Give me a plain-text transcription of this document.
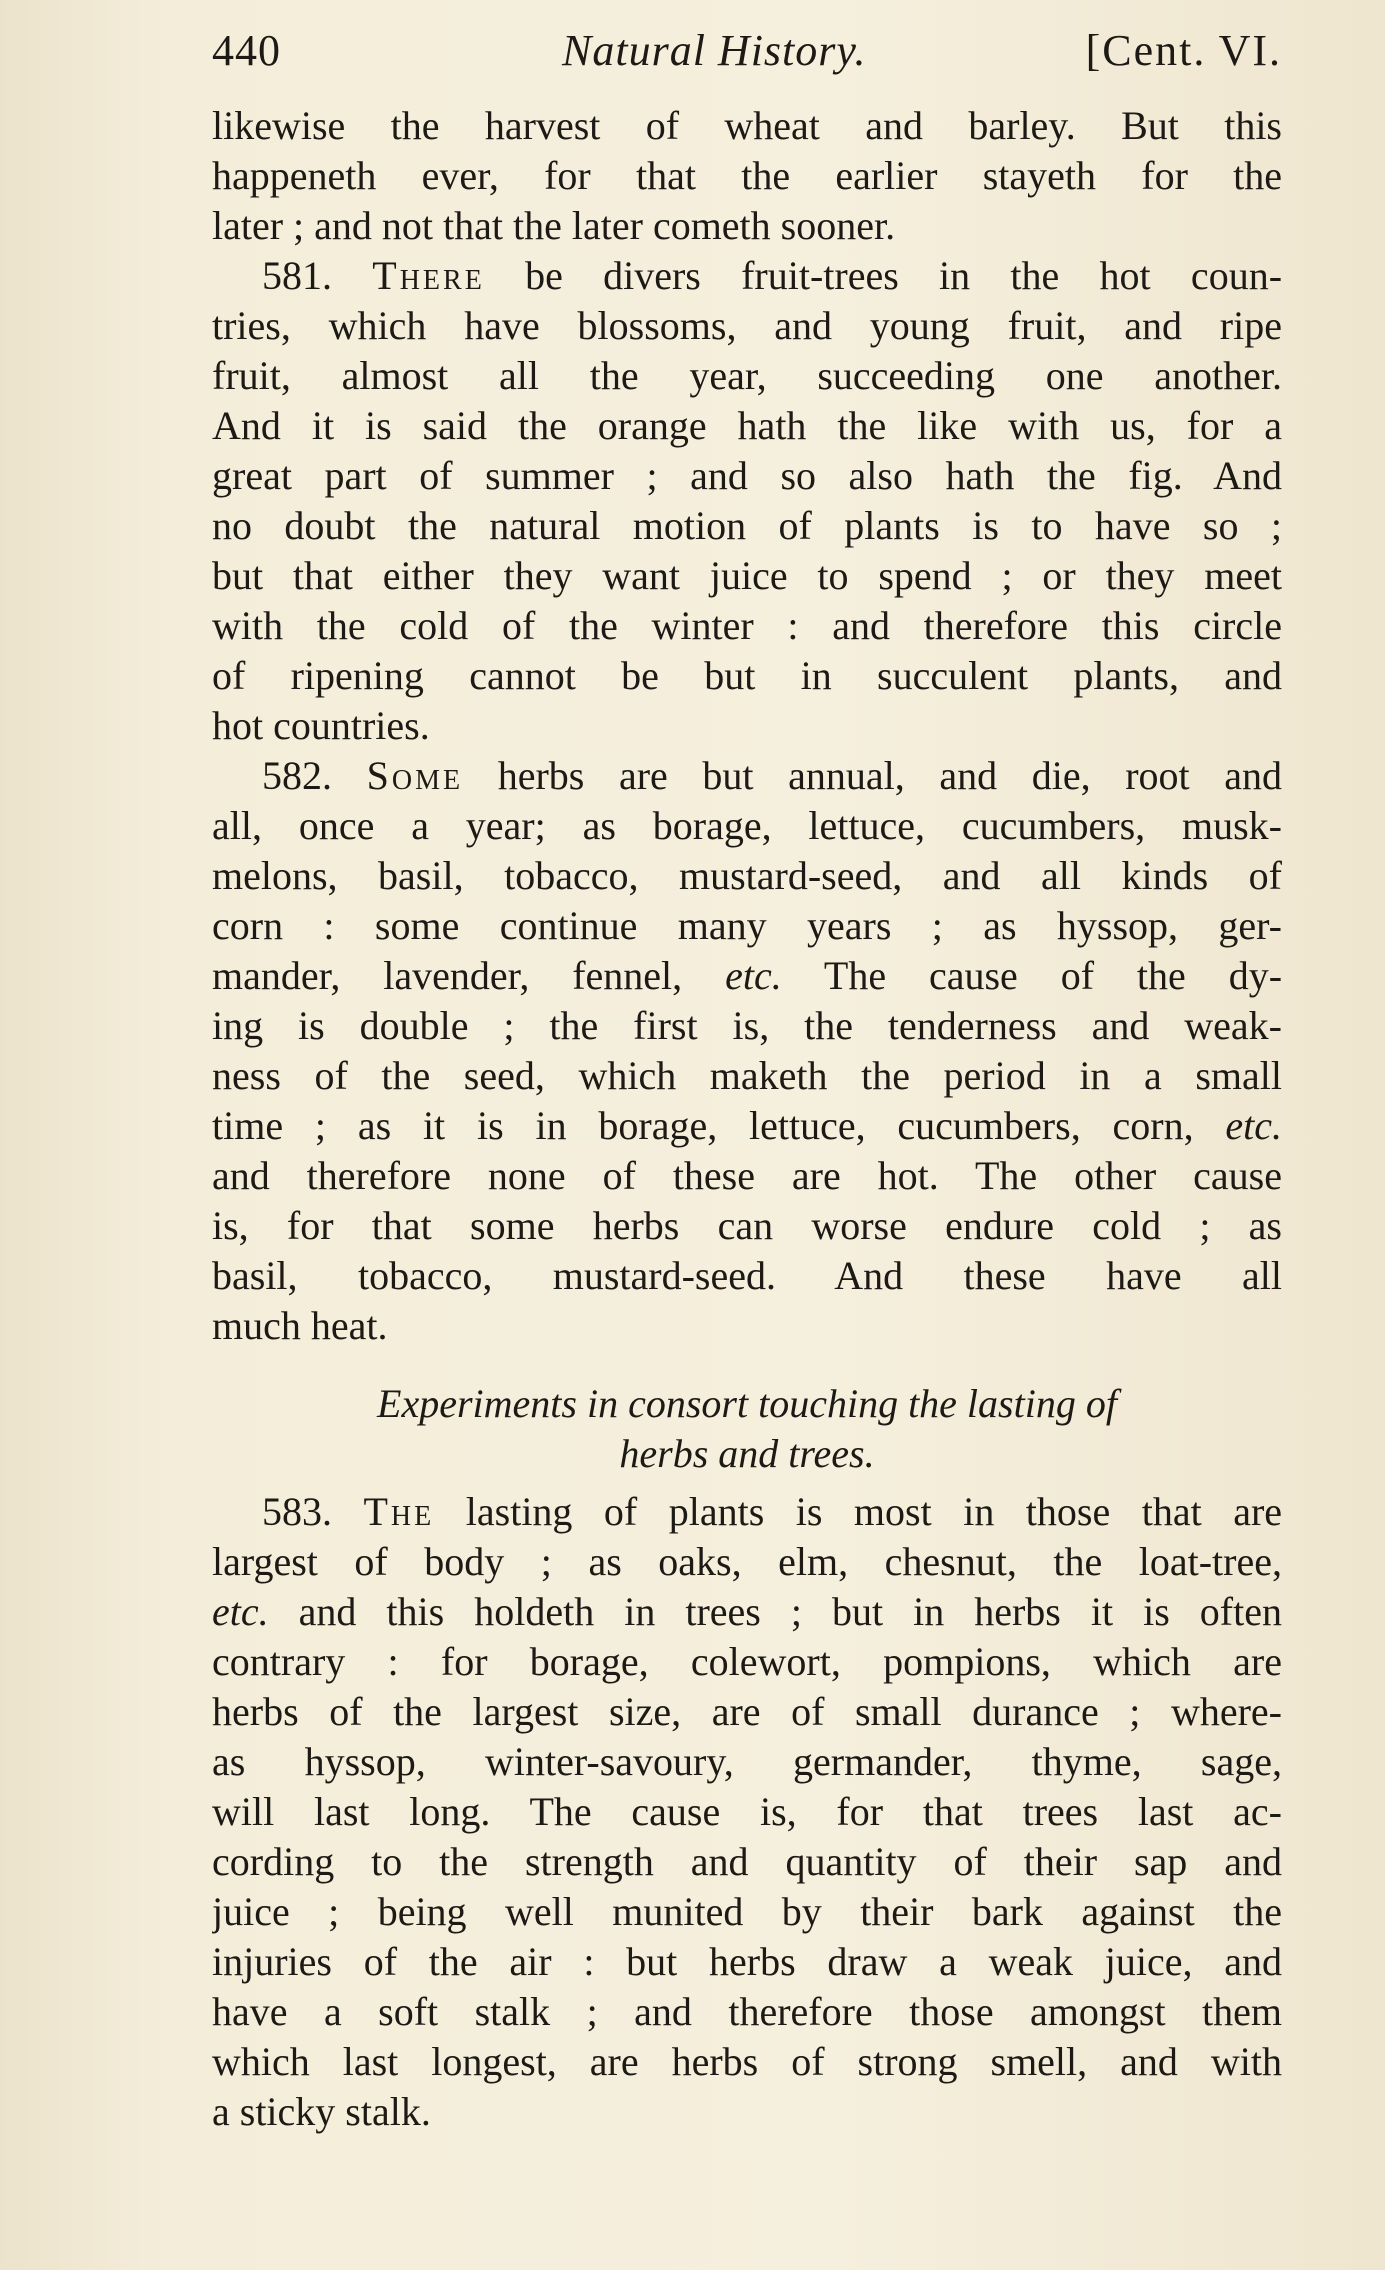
440	Natural History.	[Cent. VI.
likewise the harvest of wheat and barley. But this
happeneth ever, for that the earlier stayeth for the
later ; and not that the later cometh sooner.
581. There be divers fruit-trees in the hot coun-
tries, which have blossoms, and young fruit, and ripe
fruit, almost all the year, succeeding one another.
And it is said the orange hath the like with us, for a
great part of summer ; and so also hath the fig. And
no doubt the natural motion of plants is to have so ;
but that either they want juice to spend ; or they meet
with the cold of the winter : and therefore this circle
of ripening cannot be but in succulent plants, and
hot countries.
582. Some herbs are but annual, and die, root and
all, once a year; as borage, lettuce, cucumbers, musk-
melons, basil, tobacco, mustard-seed, and all kinds of
corn : some continue many years ; as hyssop, ger-
mander, lavender, fennel, etc. The cause of the dy-
ing is double ; the first is, the tenderness and weak-
ness of the seed, which maketh the period in a small
time ; as it is in borage, lettuce, cucumbers, corn, etc.
and therefore none of these are hot. The other cause
is, for that some herbs can worse endure cold ; as
basil, tobacco, mustard-seed. And these have all
much heat.
Experiments in consort touching the lasting of
herbs and trees.
583. The lasting of plants is most in those that are
largest of body ; as oaks, elm, chesnut, the loat-tree,
etc. and this holdeth in trees ; but in herbs it is often
contrary : for borage, colewort, pompions, which are
herbs of the largest size, are of small durance ; where-
as hyssop, winter-savoury, germander, thyme, sage,
will last long. The cause is, for that trees last ac-
cording to the strength and quantity of their sap and
juice ; being well munited by their bark against the
injuries of the air : but herbs draw a weak juice, and
have a soft stalk ; and therefore those amongst them
which last longest, are herbs of strong smell, and with
a sticky stalk.
